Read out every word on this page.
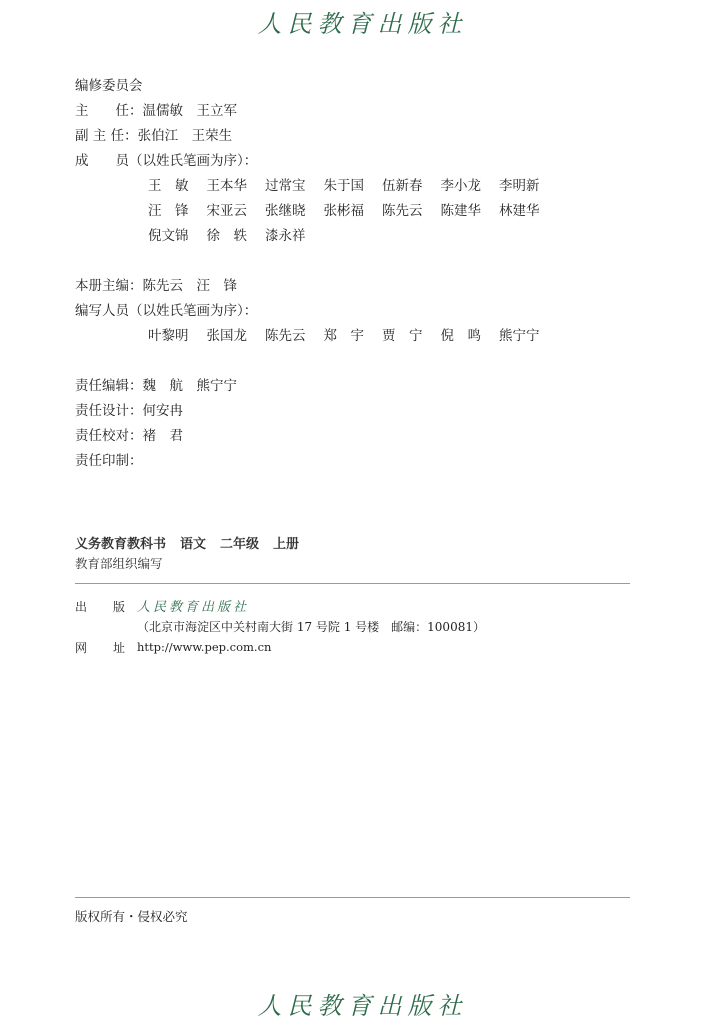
人民教育出版社
编修委员会
主　　任：温儒敏　王立军
副 主 任：张伯江　王荣生
成　　员（以姓氏笔画为序）：
王　敏	王本华	过常宝	朱于国	伍新春	李小龙	李明新
汪　锋	宋亚云	张继晓	张彬福	陈先云	陈建华	林建华
倪文锦	徐　轶	漆永祥
本册主编：陈先云　汪　锋
编写人员（以姓氏笔画为序）：
叶黎明	张国龙	陈先云	郑　宇	贾　宁	倪　鸣	熊宁宁
责任编辑：魏　航　熊宁宁
责任设计：何安冉
责任校对：褚　君
责任印制：
义务教育教科书 语文 二年级 上册
教育部组织编写
出 版 人民教育出版社
（北京市海淀区中关村南大街 17 号院 1 号楼　邮编：100081）
网 址 http://www.pep.com.cn
版权所有・侵权必究
人民教育出版社
